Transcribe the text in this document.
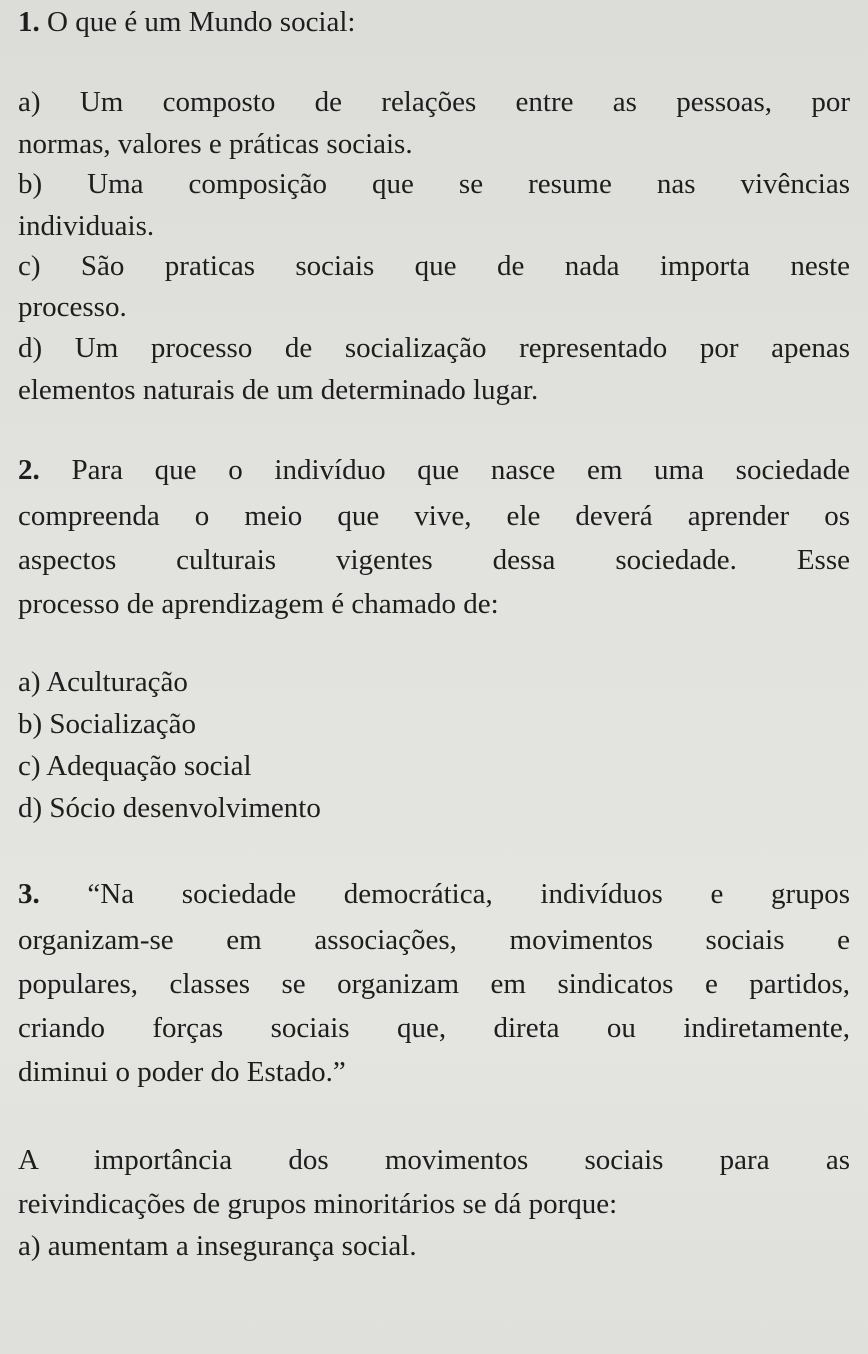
1. O que é um Mundo social:
a) Um composto de relações entre as pessoas, por
normas, valores e práticas sociais.
b) Uma composição que se resume nas vivências
individuais.
c) São praticas sociais que de nada importa neste
processo.
d) Um processo de socialização representado por apenas
elementos naturais de um determinado lugar.
2. Para que o indivíduo que nasce em uma sociedade
compreenda o meio que vive, ele deverá aprender os
aspectos culturais vigentes dessa sociedade. Esse
processo de aprendizagem é chamado de:
a) Aculturação
b) Socialização
c) Adequação social
d) Sócio desenvolvimento
3. “Na sociedade democrática, indivíduos e grupos
organizam-se em associações, movimentos sociais e
populares, classes se organizam em sindicatos e partidos,
criando forças sociais que, direta ou indiretamente,
diminui o poder do Estado.”
A importância dos movimentos sociais para as
reivindicações de grupos minoritários se dá porque:
a) aumentam a insegurança social.
